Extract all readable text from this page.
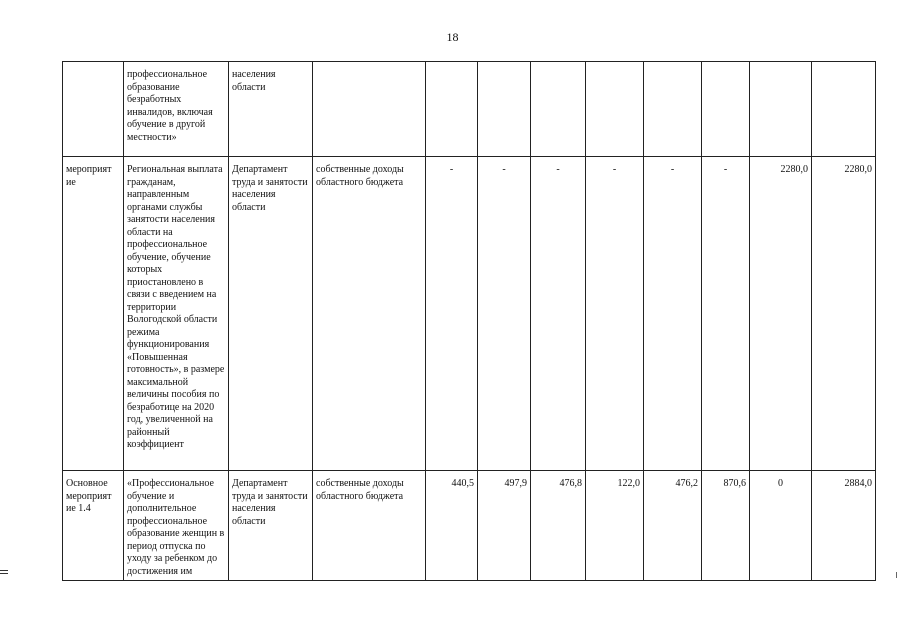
18
	профессиональное образование безработных инвалидов, включая обучение в другой местности»	населения области									
мероприят ие	Региональная выплата гражданам, направленным органами службы занятости населения области на профессиональное обучение, обучение которых приостановлено в связи с введением на территории Вологодской области режима функционирования «Повышенная готовность», в размере максимальной величины пособия по безработице на 2020 год, увеличенной на районный коэффициент	Департамент труда и занятости населения области	собственные доходы областного бюджета	-	-	-	-	-	-	2280,0	2280,0
Основное мероприят ие 1.4	«Профессиональное обучение и дополнительное профессиональное образование женщин в период отпуска по уходу за ребенком до достижения им	Департамент труда и занятости населения области	собственные доходы областного бюджета	440,5	497,9	476,8	122,0	476,2	870,6	0	2884,0
